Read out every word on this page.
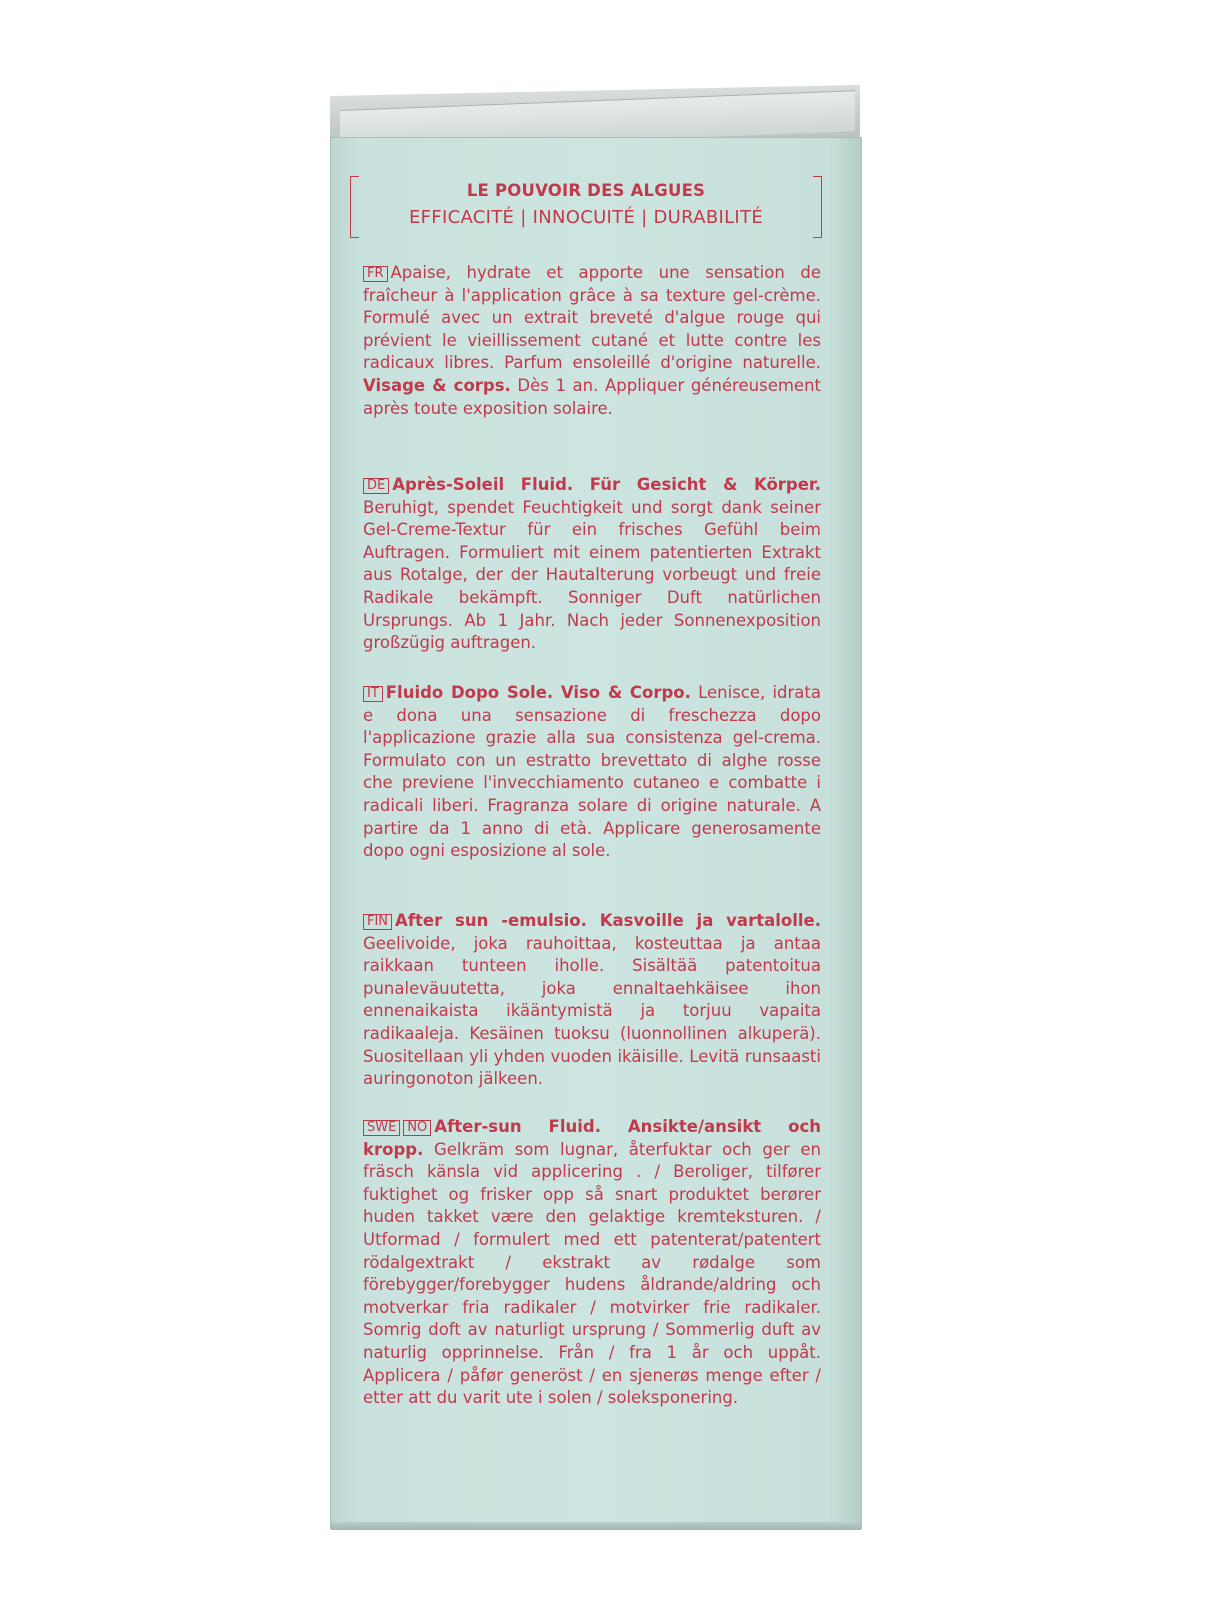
LE POUVOIR DES ALGUES
EFFICACITÉ | INNOCUITÉ | DURABILITÉ
FR Apaise, hydrate et apporte une sensation de fraîcheur à l'application grâce à sa texture gel-crème. Formulé avec un extrait breveté d'algue rouge qui prévient le vieillissement cutané et lutte contre les radicaux libres. Parfum ensoleillé d'origine naturelle. Visage & corps. Dès 1 an. Appliquer généreusement après toute exposition solaire.
DE Après-Soleil Fluid. Für Gesicht & Körper. Beruhigt, spendet Feuchtigkeit und sorgt dank seiner Gel-Creme-Textur für ein frisches Gefühl beim Auftragen. Formuliert mit einem patentierten Extrakt aus Rotalge, der der Hautalterung vorbeugt und freie Radikale bekämpft. Sonniger Duft natürlichen Ursprungs. Ab 1 Jahr. Nach jeder Sonnenexposition großzügig auftragen.
IT Fluido Dopo Sole. Viso & Corpo. Lenisce, idrata e dona una sensazione di freschezza dopo l'applicazione grazie alla sua consistenza gel-crema. Formulato con un estratto brevettato di alghe rosse che previene l'invecchiamento cutaneo e combatte i radicali liberi. Fragranza solare di origine naturale. A partire da 1 anno di età. Applicare generosamente dopo ogni esposizione al sole.
FIN After sun -emulsio. Kasvoille ja vartalolle. Geelivoide, joka rauhoittaa, kosteuttaa ja antaa raikkaan tunteen iholle. Sisältää patentoitua punaleväuutetta, joka ennaltaehkäisee ihon ennenaikaista ikääntymistä ja torjuu vapaita radikaaleja. Kesäinen tuoksu (luonnollinen alkuperä). Suositellaan yli yhden vuoden ikäisille. Levitä runsaasti auringonoton jälkeen.
SWE NO After-sun Fluid. Ansikte/ansikt och kropp. Gelkräm som lugnar, återfuktar och ger en fräsch känsla vid applicering . / Beroliger, tilfører fuktighet og frisker opp så snart produktet berører huden takket være den gelaktige kremteksturen. / Utformad / formulert med ett patenterat/patentert rödalgextrakt / ekstrakt av rødalge som förebygger/forebygger hudens åldrande/aldring och motverkar fria radikaler / motvirker frie radikaler. Somrig doft av naturligt ursprung / Sommerlig duft av naturlig opprinnelse. Från / fra 1 år och uppåt. Applicera / påfør generöst / en sjenerøs menge efter / etter att du varit ute i solen / soleksponering.
